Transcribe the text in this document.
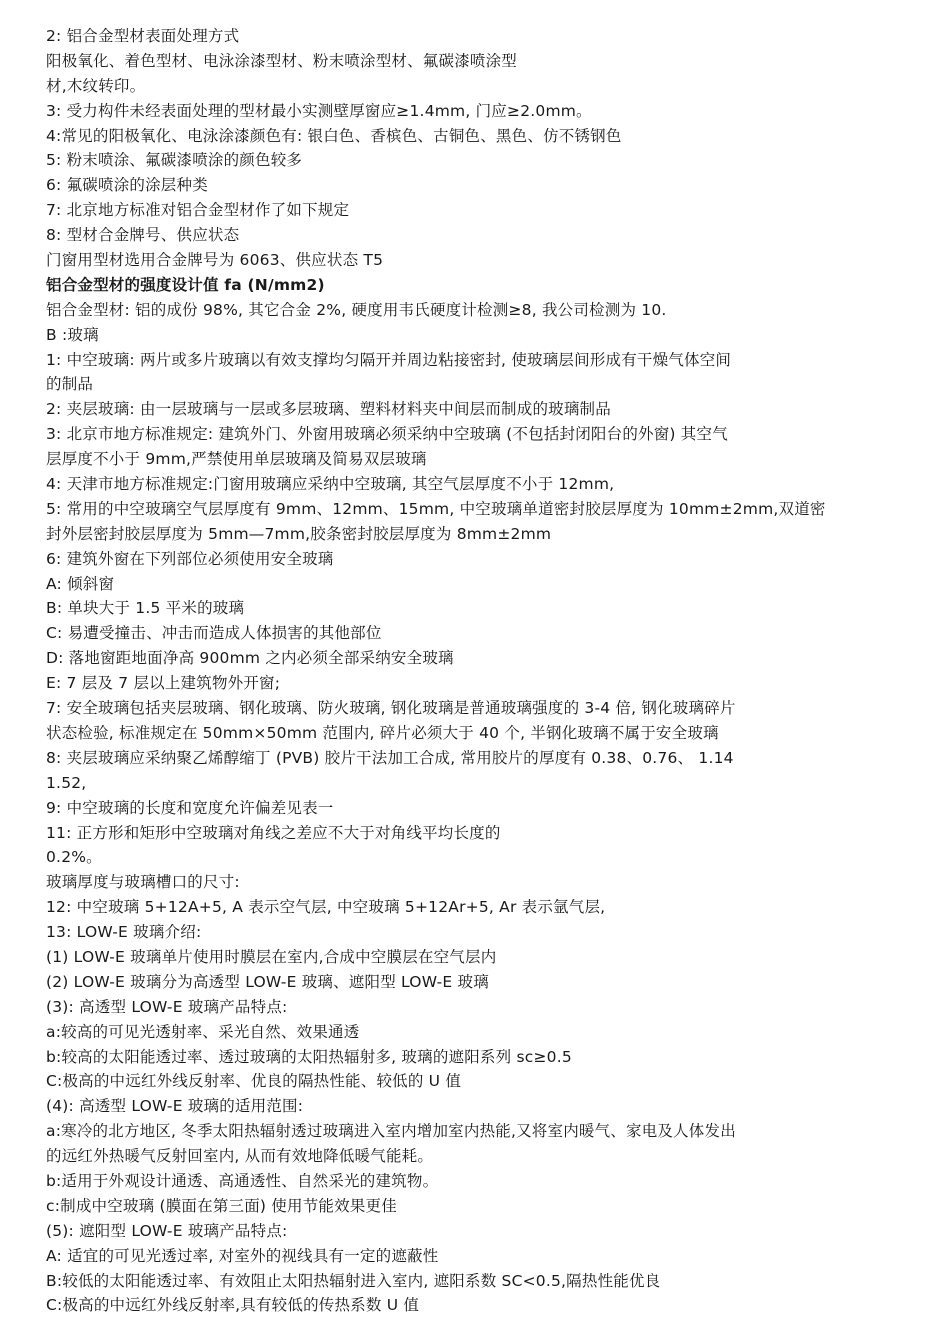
2: 铝合金型材表面处理方式
阳极氧化、着色型材、电泳涂漆型材、粉末喷涂型材、氟碳漆喷涂型
材,木纹转印。
3: 受力构件未经表面处理的型材最小实测壁厚窗应≥1.4mm, 门应≥2.0mm。
4:常见的阳极氧化、电泳涂漆颜色有: 银白色、香槟色、古铜色、黑色、仿不锈钢色
5: 粉末喷涂、氟碳漆喷涂的颜色较多
6: 氟碳喷涂的涂层种类
7: 北京地方标准对铝合金型材作了如下规定
8: 型材合金牌号、供应状态
门窗用型材选用合金牌号为 6063、供应状态 T5
铝合金型材的强度设计值 fa (N/mm2)
铝合金型材: 铝的成份 98%, 其它合金 2%, 硬度用韦氏硬度计检测≥8, 我公司检测为 10.
B :玻璃
1: 中空玻璃: 两片或多片玻璃以有效支撑均匀隔开并周边粘接密封, 使玻璃层间形成有干燥气体空间
的制品
2: 夹层玻璃: 由一层玻璃与一层或多层玻璃、塑料材料夹中间层而制成的玻璃制品
3: 北京市地方标准规定: 建筑外门、外窗用玻璃必须采纳中空玻璃 (不包括封闭阳台的外窗) 其空气
层厚度不小于 9mm,严禁使用单层玻璃及简易双层玻璃
4: 天津市地方标准规定:门窗用玻璃应采纳中空玻璃, 其空气层厚度不小于 12mm,
5: 常用的中空玻璃空气层厚度有 9mm、12mm、15mm, 中空玻璃单道密封胶层厚度为 10mm±2mm,双道密
封外层密封胶层厚度为 5mm—7mm,胶条密封胶层厚度为 8mm±2mm
6: 建筑外窗在下列部位必须使用安全玻璃
A: 倾斜窗
B: 单块大于 1.5 平米的玻璃
C: 易遭受撞击、冲击而造成人体损害的其他部位
D: 落地窗距地面净高 900mm 之内必须全部采纳安全玻璃
E: 7 层及 7 层以上建筑物外开窗;
7: 安全玻璃包括夹层玻璃、钢化玻璃、防火玻璃, 钢化玻璃是普通玻璃强度的 3-4 倍, 钢化玻璃碎片
状态检验, 标准规定在 50mm×50mm 范围内, 碎片必须大于 40 个, 半钢化玻璃不属于安全玻璃
8: 夹层玻璃应采纳聚乙烯醇缩丁 (PVB) 胶片干法加工合成, 常用胶片的厚度有 0.38、0.76、 1.14
1.52,
9: 中空玻璃的长度和宽度允许偏差见表一
11: 正方形和矩形中空玻璃对角线之差应不大于对角线平均长度的
0.2%。
玻璃厚度与玻璃槽口的尺寸:
12: 中空玻璃 5+12A+5, A 表示空气层, 中空玻璃 5+12Ar+5, Ar 表示氩气层,
13: LOW-E 玻璃介绍:
(1) LOW-E 玻璃单片使用时膜层在室内,合成中空膜层在空气层内
(2) LOW-E 玻璃分为高透型 LOW-E 玻璃、遮阳型 LOW-E 玻璃
(3): 高透型 LOW-E 玻璃产品特点:
a:较高的可见光透射率、采光自然、效果通透
b:较高的太阳能透过率、透过玻璃的太阳热辐射多, 玻璃的遮阳系列 sc≥0.5
C:极高的中远红外线反射率、优良的隔热性能、较低的 U 值
(4): 高透型 LOW-E 玻璃的适用范围:
a:寒冷的北方地区, 冬季太阳热辐射透过玻璃进入室内增加室内热能,又将室内暖气、家电及人体发出
的远红外热暖气反射回室内, 从而有效地降低暖气能耗。
b:适用于外观设计通透、高通透性、自然采光的建筑物。
c:制成中空玻璃 (膜面在第三面) 使用节能效果更佳
(5): 遮阳型 LOW-E 玻璃产品特点:
A: 适宜的可见光透过率, 对室外的视线具有一定的遮蔽性
B:较低的太阳能透过率、有效阻止太阳热辐射进入室内, 遮阳系数 SC<0.5,隔热性能优良
C:极高的中远红外线反射率,具有较低的传热系数 U 值
